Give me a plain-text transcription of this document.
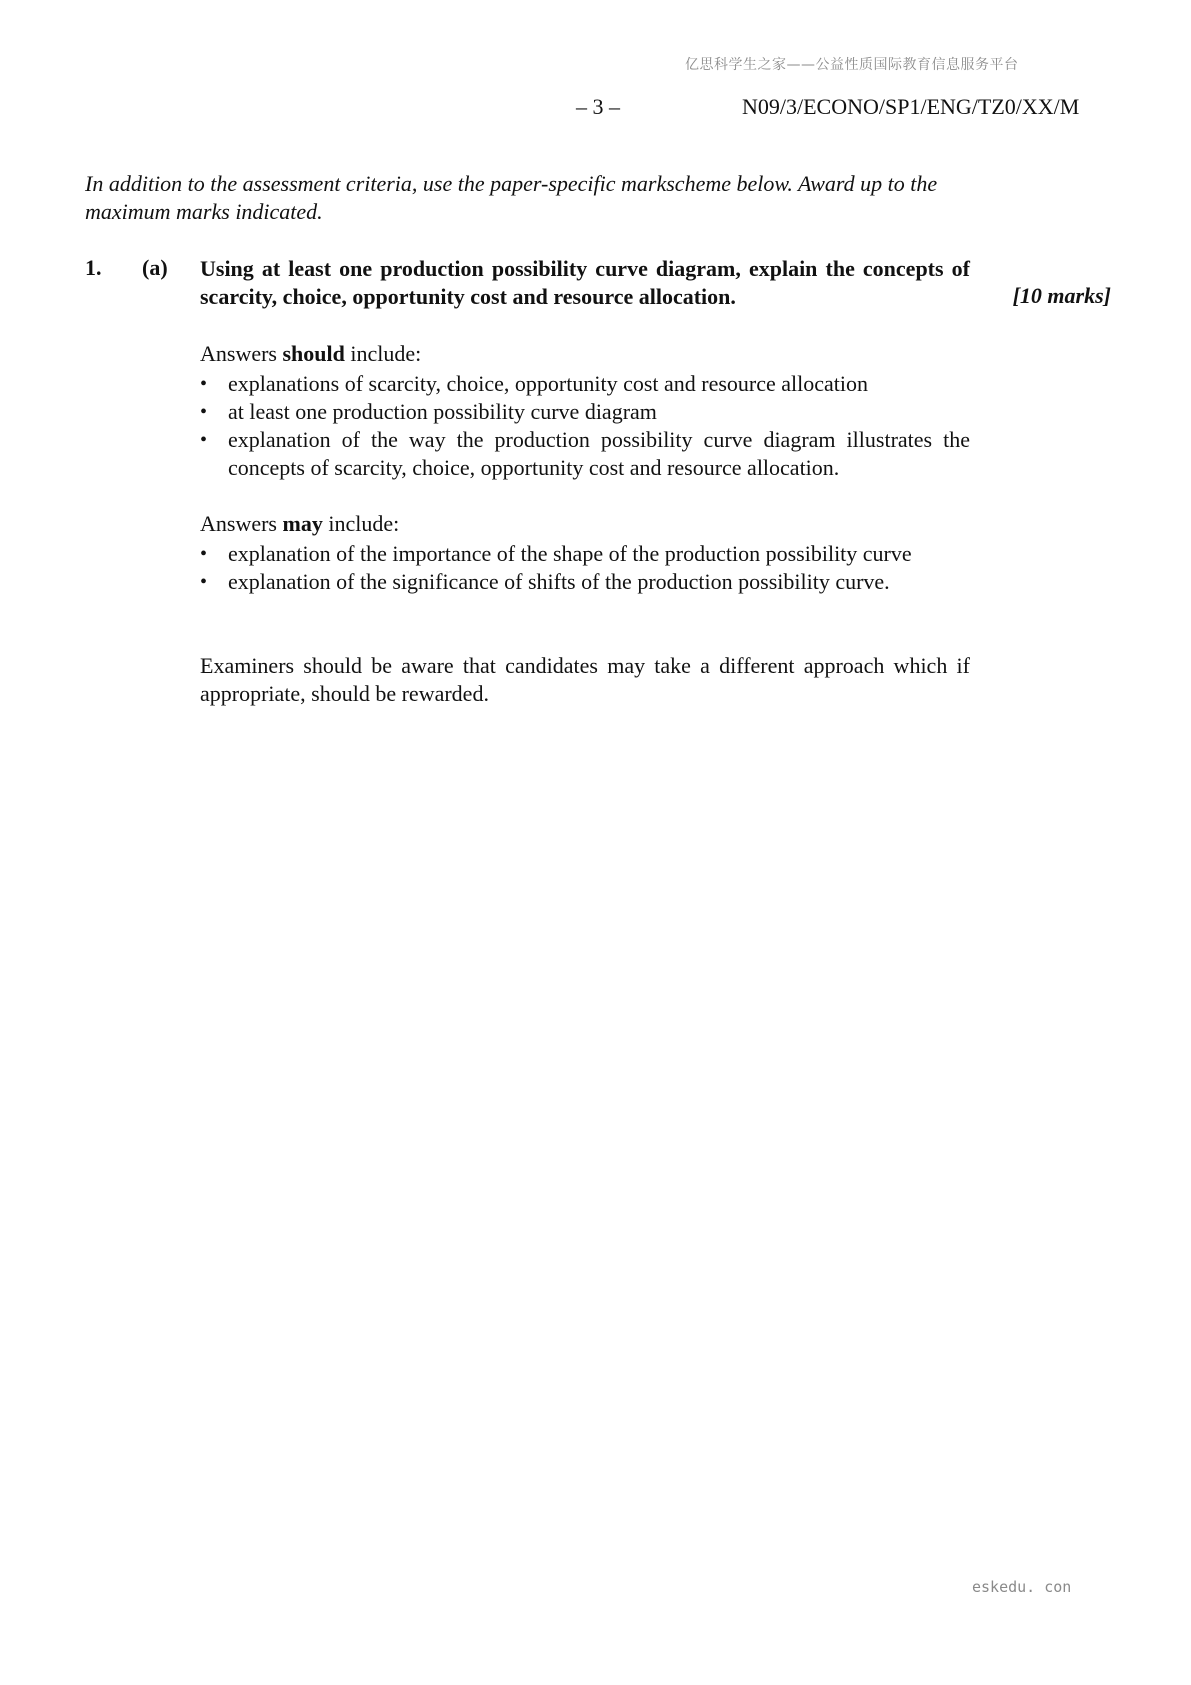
亿思科学生之家——公益性质国际教育信息服务平台
– 3 –	N09/3/ECONO/SP1/ENG/TZ0/XX/M
In addition to the assessment criteria, use the paper-specific markscheme below. Award up to the maximum marks indicated.
1. (a) Using at least one production possibility curve diagram, explain the concepts of scarcity, choice, opportunity cost and resource allocation.	[10 marks]

Answers should include:

• explanations of scarcity, choice, opportunity cost and resource allocation
• at least one production possibility curve diagram
• explanation of the way the production possibility curve diagram illustrates the concepts of scarcity, choice, opportunity cost and resource allocation.

Answers may include:

• explanation of the importance of the shape of the production possibility curve
• explanation of the significance of shifts of the production possibility curve.
Examiners should be aware that candidates may take a different approach which if appropriate, should be rewarded.
eskedu. con
